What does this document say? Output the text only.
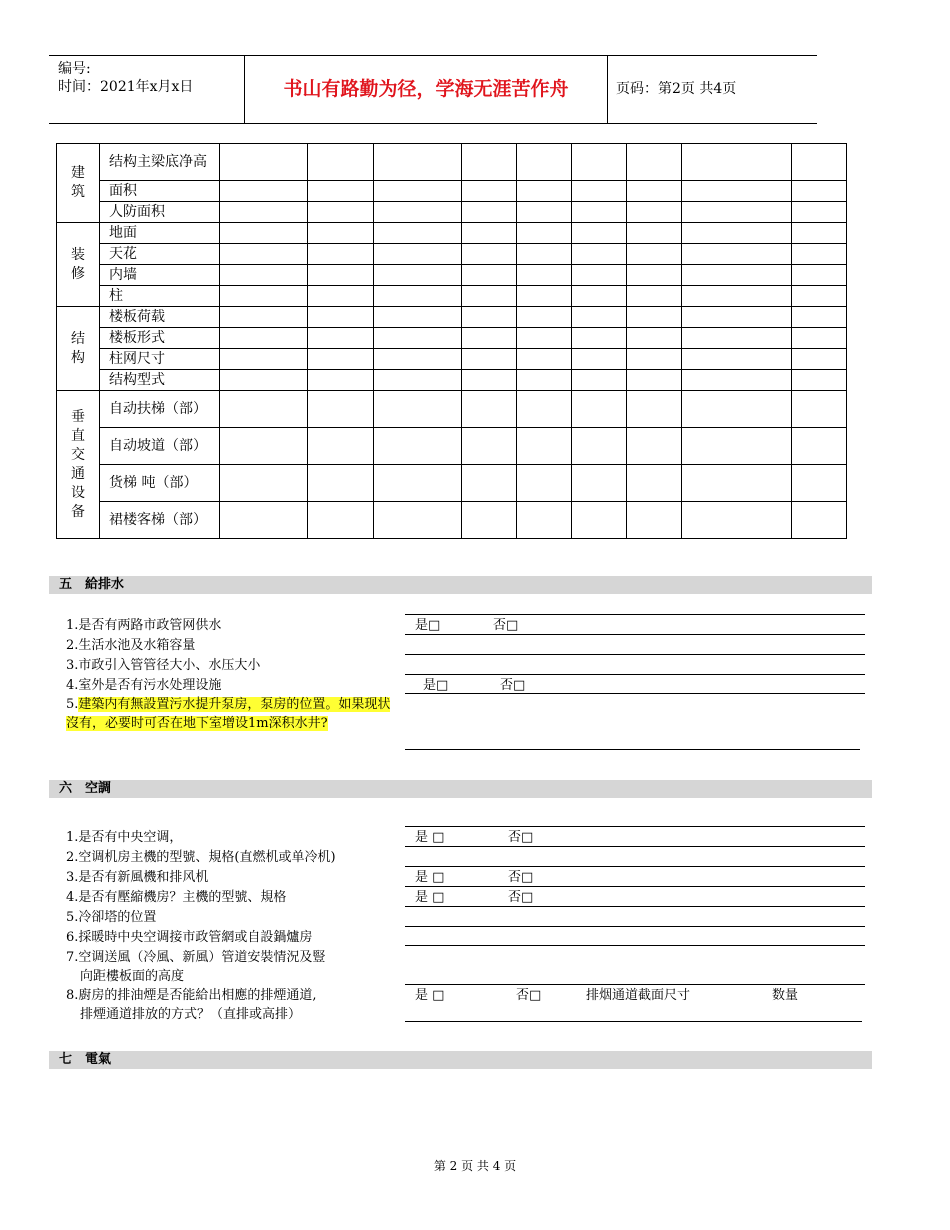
编号:
时间：2021年x月x日	书山有路勤为径，学海无涯苦作舟	页码：第2页 共4页
建筑	结构主梁底净高									
	面积									
	人防面积									
装修	地面									
	天花									
	内墙									
	柱									
结构	楼板荷载									
	楼板形式									
	柱网尺寸									
	结构型式									
垂直交通设备	自动扶梯（部）									
	自动坡道（部）									
	货梯 吨（部）									
	裙楼客梯（部）									
五　給排水
1.是否有两路市政管网供水	是□	否□
2.生活水池及水箱容量
3.市政引入管管径大小、水压大小
4.室外是否有污水处理设施	是□	否□
5.建築内有無設置污水提升泵房，泵房的位置。如果现状沒有，必要时可否在地下室增设1m深积水井?
六　空調
1.是否有中央空调，	是 □	否□
2.空调机房主機的型號、規格(直燃机或单冷机)
3.是否有新風機和排风机	是 □	否□
4.是否有壓縮機房？主機的型號、規格	是 □	否□
5.冷卻塔的位置
6.採暖時中央空调接市政管網或自設鍋爐房
7.空调送風（冷風、新風）管道安裝情況及豎
向距樓板面的高度
8.廚房的排油煙是否能給出相應的排煙通道,
排煙通道排放的方式？（直排或高排）
是 □	否□	排烟通道截面尺寸	数量
七　電氣
第 2 页 共 4 页
